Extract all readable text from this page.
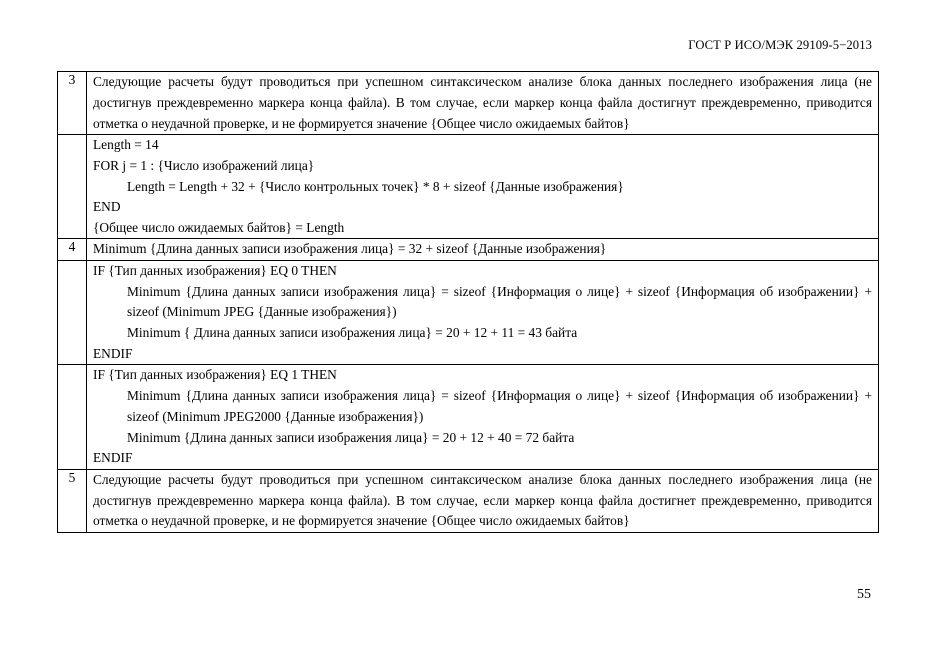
ГОСТ Р ИСО/МЭК 29109-5−2013
3	Следующие расчеты будут проводиться при успешном синтаксическом анализе блока данных последнего изображения лица (не достигнув преждевременно маркера конца файла). В том случае, если маркер конца файла достигнут преждевременно, приводится отметка о неудачной проверке, и не формируется значение {Общее число ожидаемых байтов}

	Length = 14
FOR j = 1 : {Число изображений лица}
Length = Length + 32 + {Число контрольных точек} * 8 + sizeof {Данные изображения}
END
{Общее число ожидаемых байтов} = Length

4	Minimum {Длина данных записи изображения лица} = 32 + sizeof {Данные изображения}

	IF {Тип данных изображения} EQ 0 THEN
Minimum {Длина данных записи изображения лица} = sizeof {Информация о лице} + sizeof {Информация об изображении} + sizeof (Minimum JPEG {Данные изображения})
Minimum { Длина данных записи изображения лица} = 20 + 12 + 11 = 43 байта
ENDIF

	IF {Тип данных изображения} EQ 1 THEN
Minimum {Длина данных записи изображения лица} = sizeof {Информация о лице} + sizeof {Информация об изображении} + sizeof (Minimum JPEG2000 {Данные изображения})
Minimum {Длина данных записи изображения лица} = 20 + 12 + 40 = 72 байта
ENDIF

5	Следующие расчеты будут проводиться при успешном синтаксическом анализе блока данных последнего изображения лица (не достигнув преждевременно маркера конца файла). В том случае, если маркер конца файла достигнет преждевременно, приводится отметка о неудачной проверке, и не формируется значение {Общее число ожидаемых байтов}
55
